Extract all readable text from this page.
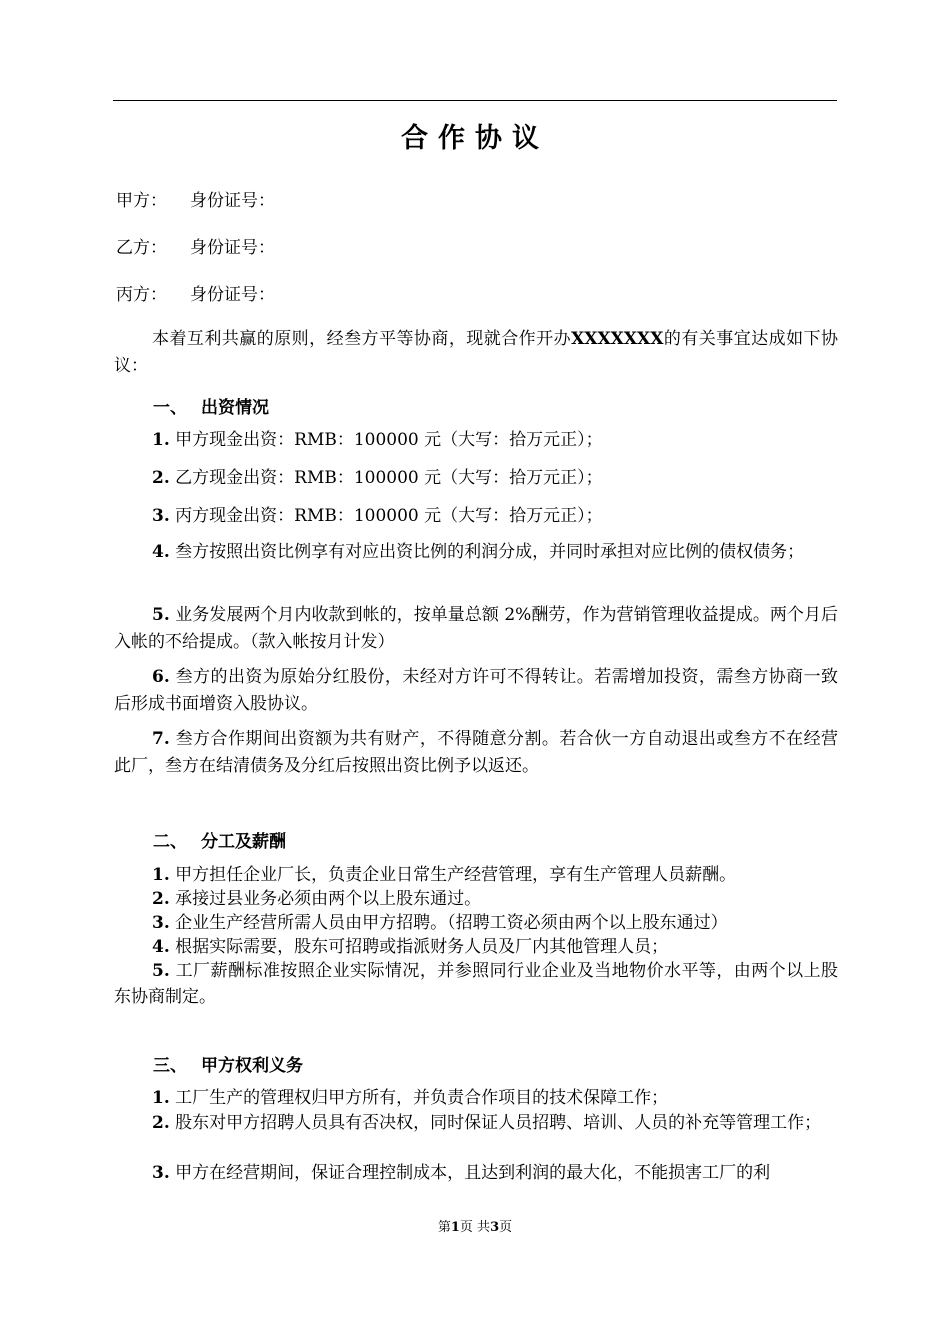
合作协议
甲方： 身份证号：
乙方： 身份证号：
丙方： 身份证号：
本着互利共赢的原则，经叁方平等协商，现就合作开办XXXXXXX的有关事宜达成如下协议：
一、 出资情况
1. 甲方现金出资：RMB：100000 元（大写：拾万元正）；
2. 乙方现金出资：RMB：100000 元（大写：拾万元正）；
3. 丙方现金出资：RMB：100000 元（大写：拾万元正）；
4. 叁方按照出资比例享有对应出资比例的利润分成，并同时承担对应比例的债权债务；
5. 业务发展两个月内收款到帐的，按单量总额 2%酬劳，作为营销管理收益提成。两个月后入帐的不给提成。（款入帐按月计发）
6. 叁方的出资为原始分红股份，未经对方许可不得转让。若需增加投资，需叁方协商一致后形成书面增资入股协议。
7. 叁方合作期间出资额为共有财产，不得随意分割。若合伙一方自动退出或叁方不在经营此厂，叁方在结清债务及分红后按照出资比例予以返还。
二、 分工及薪酬
1. 甲方担任企业厂长，负责企业日常生产经营管理，享有生产管理人员薪酬。
2. 承接过县业务必须由两个以上股东通过。
3. 企业生产经营所需人员由甲方招聘。（招聘工资必须由两个以上股东通过）
4. 根据实际需要，股东可招聘或指派财务人员及厂内其他管理人员；
5. 工厂薪酬标准按照企业实际情况，并参照同行业企业及当地物价水平等，由两个以上股东协商制定。
三、 甲方权利义务
1. 工厂生产的管理权归甲方所有，并负责合作项目的技术保障工作；
2. 股东对甲方招聘人员具有否决权，同时保证人员招聘、培训、人员的补充等管理工作；
3. 甲方在经营期间，保证合理控制成本，且达到利润的最大化，不能损害工厂的利
第1页 共3页
